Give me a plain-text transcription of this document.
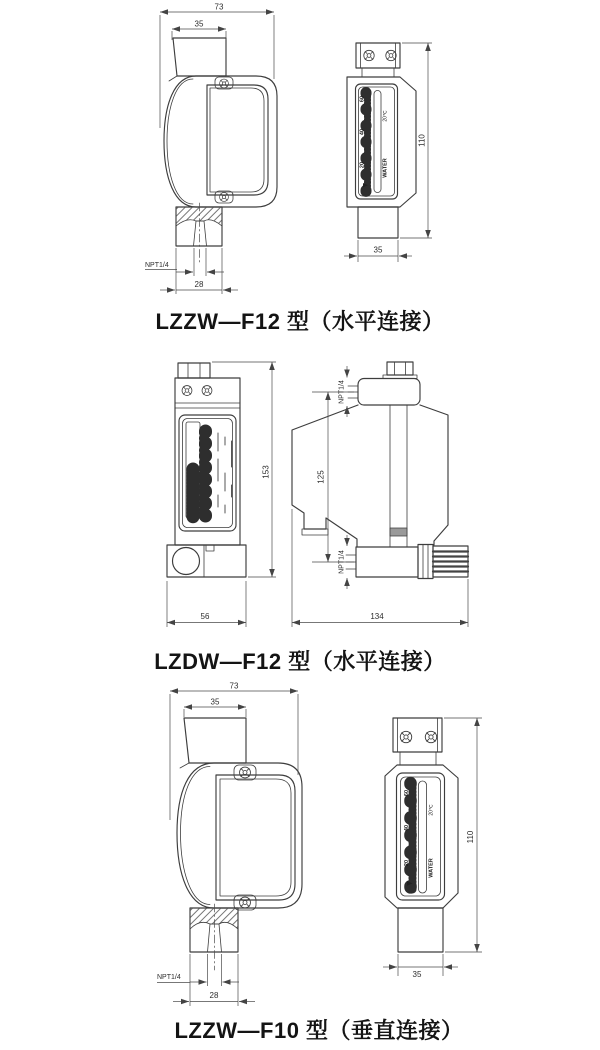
73
35
NPT1/4
28
110
35
60
40
20
20℃
WATER
LZZW—F12 型（水平连接）
153
56
NPT1/4
NPT1/4
125
134
LZDW—F12 型（水平连接）
73
35
NPT1/4
28
110
35
60
40
20
20℃
WATER
LZZW—F10 型（垂直连接）
